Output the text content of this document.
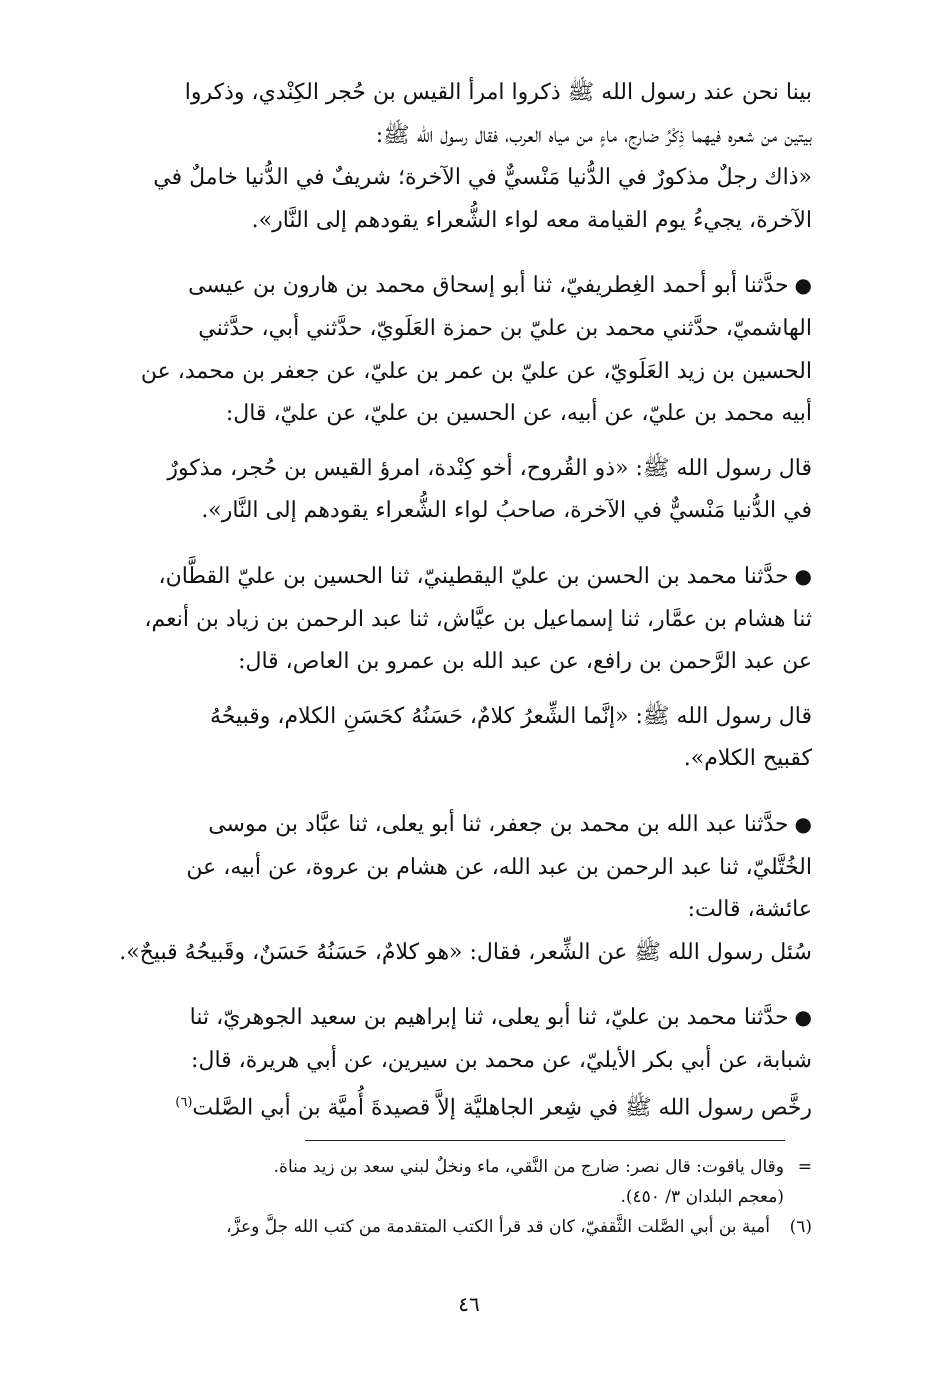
بينا نحن عند رسول الله ﷺ ذكروا امرأ القيس بن حُجر الكِنْدي، وذكروا
بيتين من شعره فيهما ذِكْرُ ضارج، ماءٍ من مياه العرب، فقال رسول الله ﷺ:
«ذاك رجلٌ مذكورٌ في الدُّنيا مَنْسيٌّ في الآخرة؛ شريفٌ في الدُّنيا خاملٌ في
الآخرة، يجيءُ يوم القيامة معه لواء الشُّعراء يقودهم إلى النَّار».
●حدَّثنا أبو أحمد الغِطريفيّ، ثنا أبو إسحاق محمد بن هارون بن عيسى
الهاشميّ، حدَّثني محمد بن عليّ بن حمزة العَلَويّ، حدَّثني أبي، حدَّثني
الحسين بن زيد العَلَويّ، عن عليّ بن عمر بن عليّ، عن جعفر بن محمد، عن
أبيه محمد بن عليّ، عن أبيه، عن الحسين بن عليّ، عن عليّ، قال:
قال رسول الله ﷺ: «ذو القُروح، أخو كِنْدة، امرؤ القيس بن حُجر، مذكورٌ
في الدُّنيا مَنْسيٌّ في الآخرة، صاحبُ لواء الشُّعراء يقودهم إلى النَّار».
●حدَّثنا محمد بن الحسن بن عليّ اليقطينيّ، ثنا الحسين بن عليّ القطَّان،
ثنا هشام بن عمَّار، ثنا إسماعيل بن عيَّاش، ثنا عبد الرحمن بن زياد بن أنعم،
عن عبد الرَّحمن بن رافع، عن عبد الله بن عمرو بن العاص، قال:
قال رسول الله ﷺ: «إنَّما الشِّعرُ كلامٌ، حَسَنُهُ كحَسَنِ الكلام، وقبيحُهُ
كقبيح الكلام».
●حدَّثنا عبد الله بن محمد بن جعفر، ثنا أبو يعلى، ثنا عبَّاد بن موسى
الخُتَّليّ، ثنا عبد الرحمن بن عبد الله، عن هشام بن عروة، عن أبيه، عن
عائشة، قالت:
سُئل رسول الله ﷺ عن الشِّعر، فقال: «هو كلامٌ، حَسَنُهُ حَسَنٌ، وقَبيحُهُ قبيحٌ».
●حدَّثنا محمد بن عليّ، ثنا أبو يعلى، ثنا إبراهيم بن سعيد الجوهريّ، ثنا
شبابة، عن أبي بكر الأيليّ، عن محمد بن سيرين، عن أبي هريرة، قال:
رخَّص رسول الله ﷺ في شِعر الجاهليَّة إلاَّ قصيدةَ أُميَّة بن أبي الصَّلت$^{(٦)}$
=وقال ياقوت: قال نصر: ضارج من النَّقي، ماء ونخلٌ لبني سعد بن زيد مناة.
(معجم البلدان ٣/ ٤٥٠).
(٦)أمية بن أبي الصَّلت الثَّقفيّ، كان قد قرأ الكتب المتقدمة من كتب الله جلَّ وعزَّ،
٤٦
